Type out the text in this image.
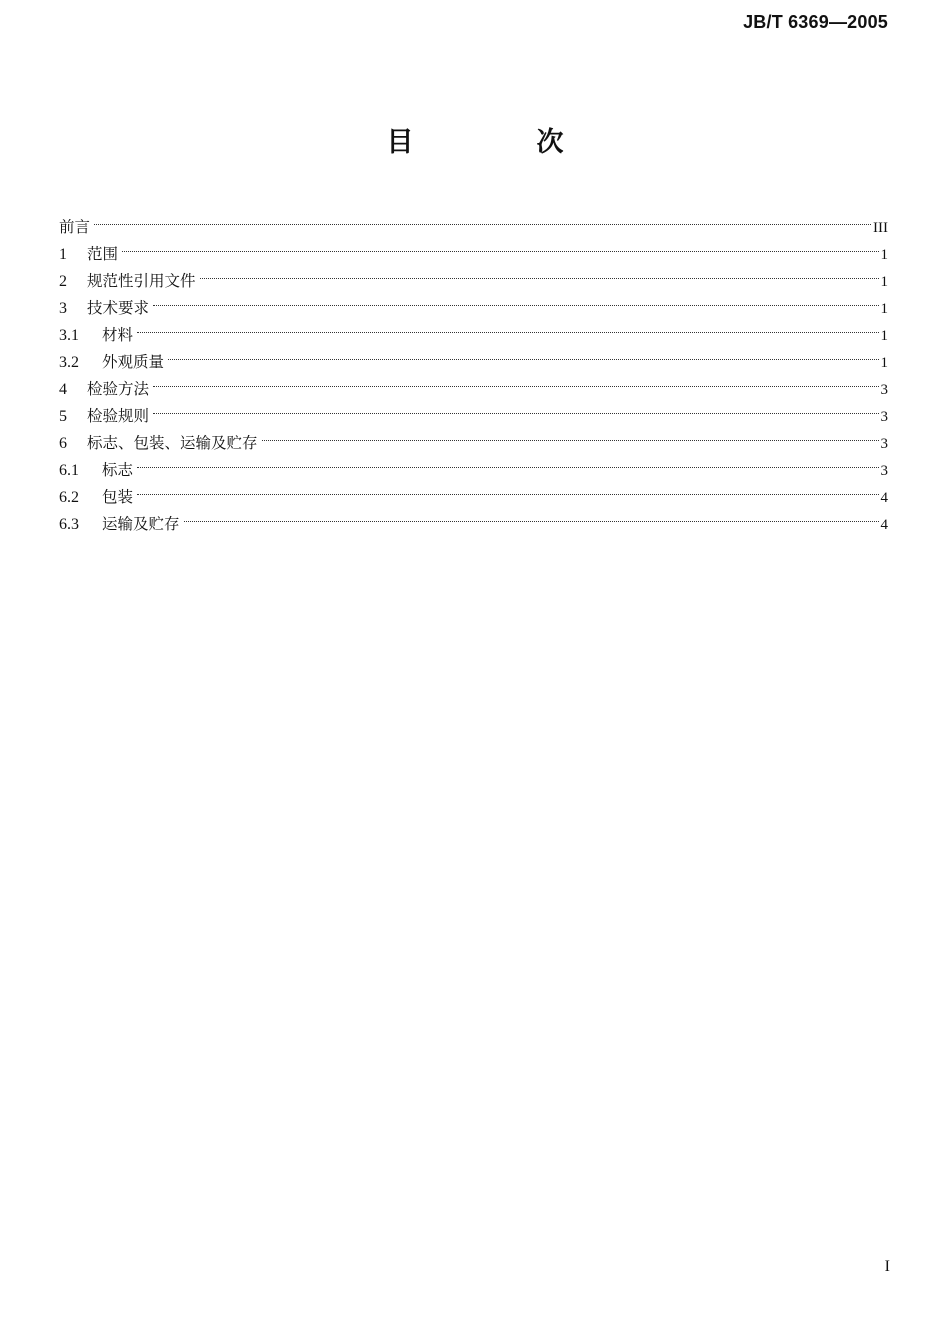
JB/T 6369—2005
目　次
前言	III
1	范围	1
2	规范性引用文件	1
3	技术要求	1
3.1	材料	1
3.2	外观质量	1
4	检验方法	3
5	检验规则	3
6	标志、包装、运输及贮存	3
6.1	标志	3
6.2	包装	4
6.3	运输及贮存	4
I
